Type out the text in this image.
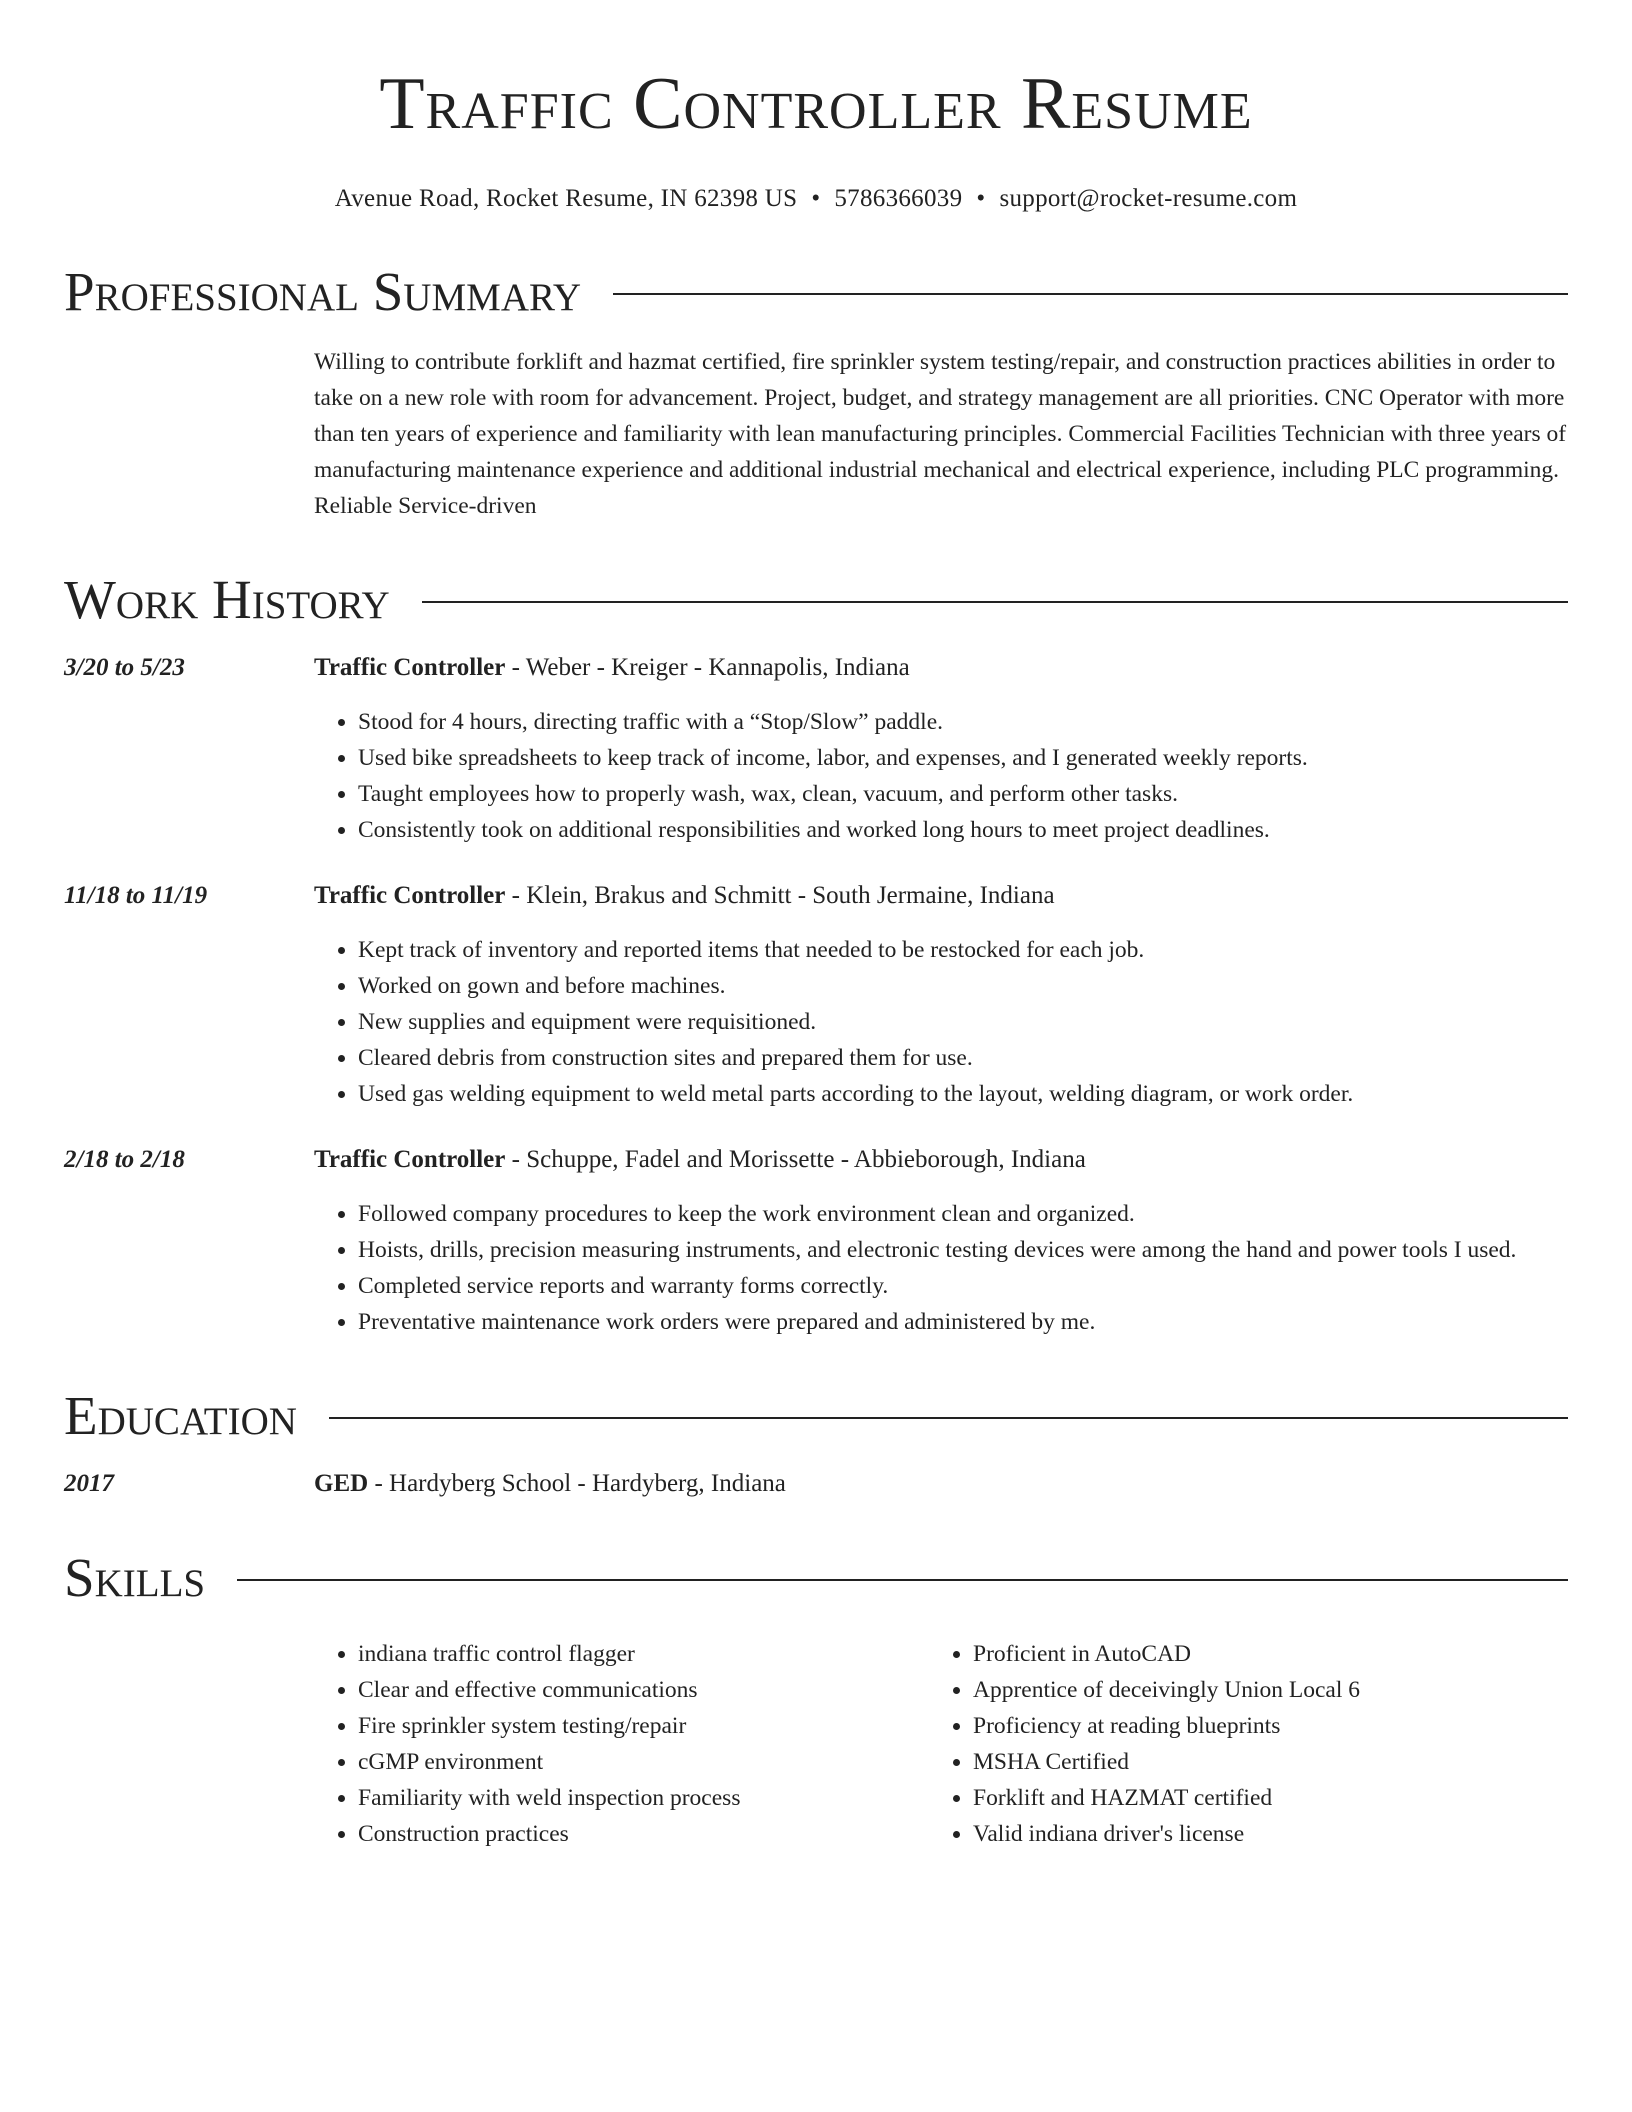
Traffic Controller Resume
Avenue Road, Rocket Resume, IN 62398 US • 5786366039 • support@rocket-resume.com
Professional Summary
Willing to contribute forklift and hazmat certified, fire sprinkler system testing/repair, and construction practices abilities in order to take on a new role with room for advancement. Project, budget, and strategy management are all priorities. CNC Operator with more than ten years of experience and familiarity with lean manufacturing principles. Commercial Facilities Technician with three years of manufacturing maintenance experience and additional industrial mechanical and electrical experience, including PLC programming. Reliable Service-driven
Work History
3/20 to 5/23	Traffic Controller - Weber - Kreiger - Kannapolis, Indiana
• Stood for 4 hours, directing traffic with a “Stop/Slow” paddle.
• Used bike spreadsheets to keep track of income, labor, and expenses, and I generated weekly reports.
• Taught employees how to properly wash, wax, clean, vacuum, and perform other tasks.
• Consistently took on additional responsibilities and worked long hours to meet project deadlines.
11/18 to 11/19	Traffic Controller - Klein, Brakus and Schmitt - South Jermaine, Indiana
• Kept track of inventory and reported items that needed to be restocked for each job.
• Worked on gown and before machines.
• New supplies and equipment were requisitioned.
• Cleared debris from construction sites and prepared them for use.
• Used gas welding equipment to weld metal parts according to the layout, welding diagram, or work order.
2/18 to 2/18	Traffic Controller - Schuppe, Fadel and Morissette - Abbieborough, Indiana
• Followed company procedures to keep the work environment clean and organized.
• Hoists, drills, precision measuring instruments, and electronic testing devices were among the hand and power tools I used.
• Completed service reports and warranty forms correctly.
• Preventative maintenance work orders were prepared and administered by me.
Education
2017	GED - Hardyberg School - Hardyberg, Indiana
Skills
• indiana traffic control flagger
• Clear and effective communications
• Fire sprinkler system testing/repair
• cGMP environment
• Familiarity with weld inspection process
• Construction practices
• Proficient in AutoCAD
• Apprentice of deceivingly Union Local 6
• Proficiency at reading blueprints
• MSHA Certified
• Forklift and HAZMAT certified
• Valid indiana driver's license
